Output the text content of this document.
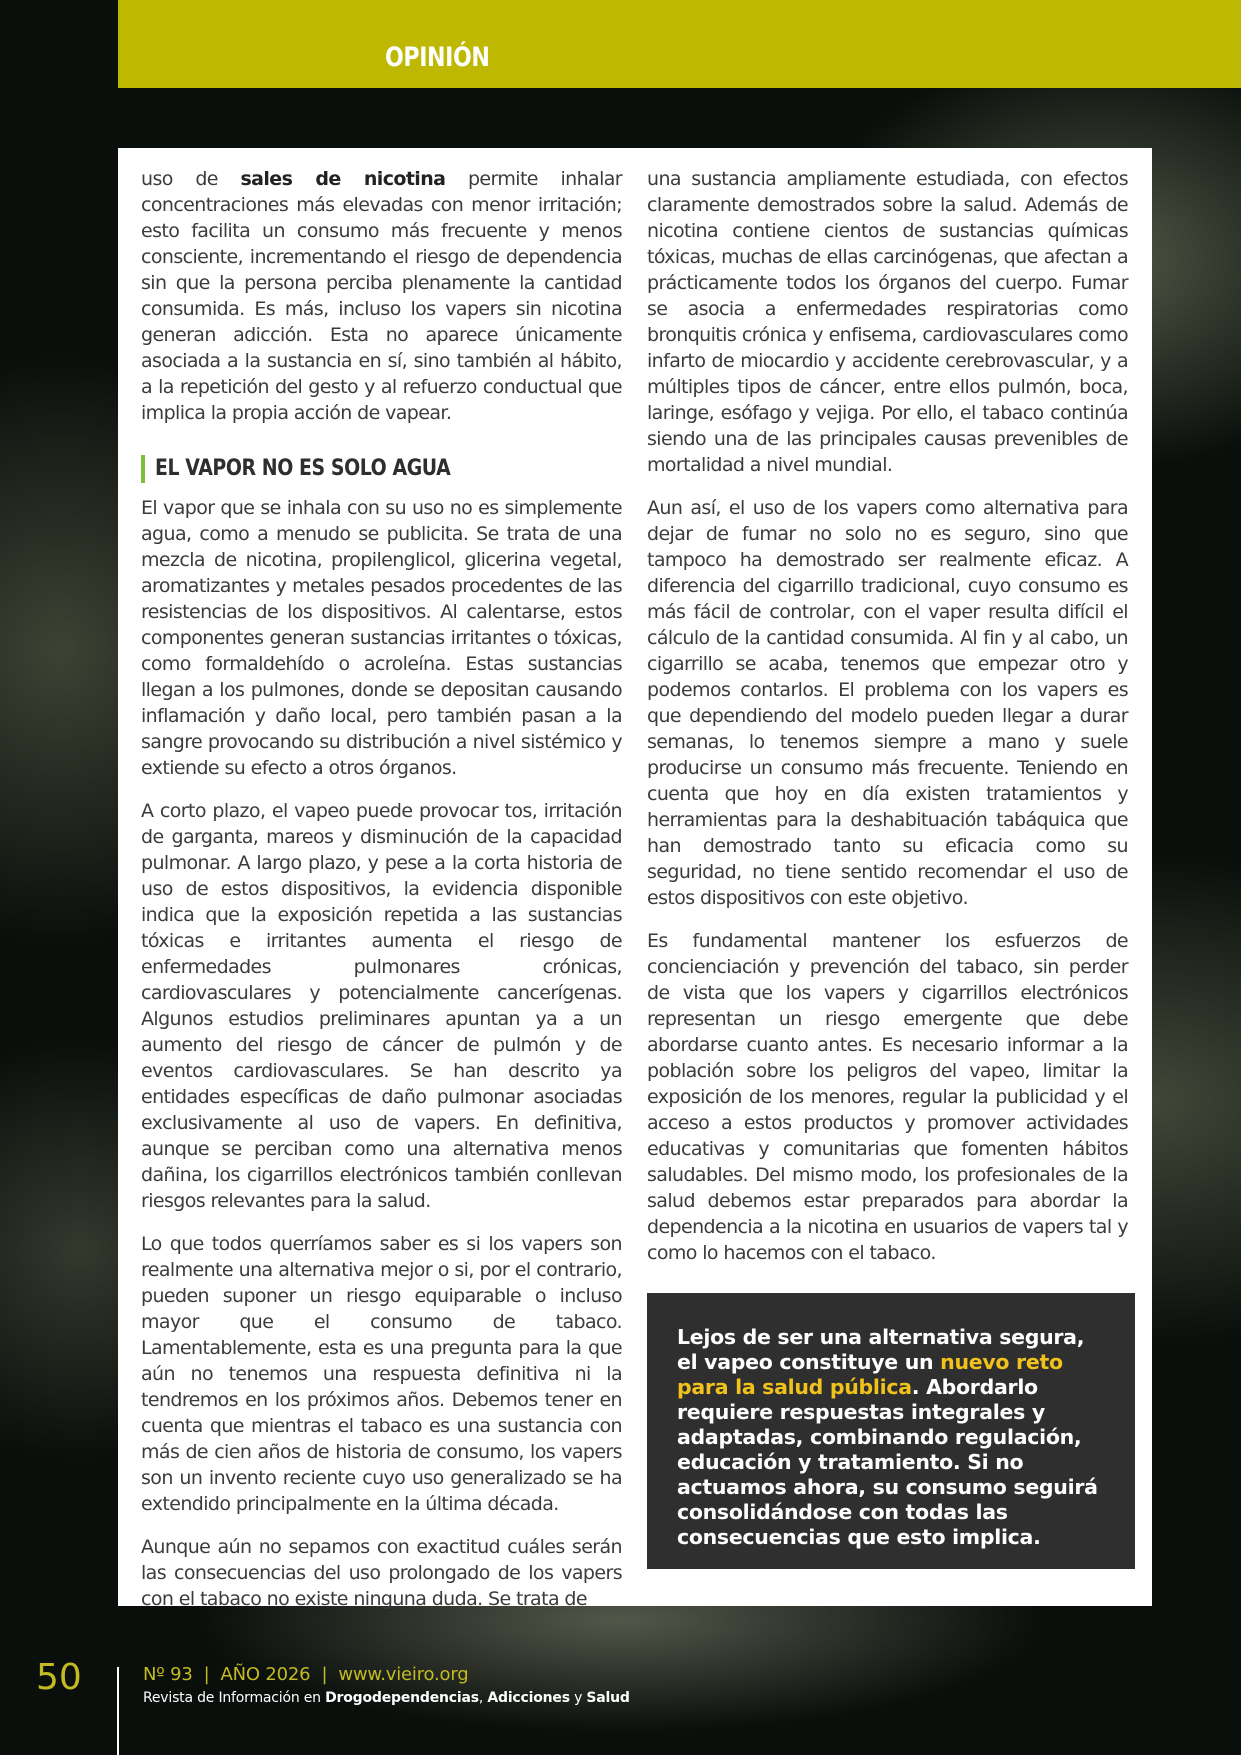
OPINIÓN

uso de sales de nicotina permite inhalar concentraciones más elevadas con menor irritación; esto facilita un consumo más frecuente y menos consciente, incrementando el riesgo de dependencia sin que la persona perciba plenamente la cantidad consumida. Es más, incluso los vapers sin nicotina generan adicción. Esta no aparece únicamente asociada a la sustancia en sí, sino también al hábito, a la repetición del gesto y al refuerzo conductual que implica la propia acción de vapear.

EL VAPOR NO ES SOLO AGUA

El vapor que se inhala con su uso no es simplemente agua, como a menudo se publicita. Se trata de una mezcla de nicotina, propilenglicol, glicerina vegetal, aromatizantes y metales pesados procedentes de las resistencias de los dispositivos. Al calentarse, estos componentes generan sustancias irritantes o tóxicas, como formaldehído o acroleína. Estas sustancias llegan a los pulmones, donde se depositan causando inflamación y daño local, pero también pasan a la sangre provocando su distribución a nivel sistémico y extiende su efecto a otros órganos.

A corto plazo, el vapeo puede provocar tos, irritación de garganta, mareos y disminución de la capacidad pulmonar. A largo plazo, y pese a la corta historia de uso de estos dispositivos, la evidencia disponible indica que la exposición repetida a las sustancias tóxicas e irritantes aumenta el riesgo de enfermedades pulmonares crónicas, cardiovasculares y potencialmente cancerígenas. Algunos estudios preliminares apuntan ya a un aumento del riesgo de cáncer de pulmón y de eventos cardiovasculares. Se han descrito ya entidades específicas de daño pulmonar asociadas exclusivamente al uso de vapers. En definitiva, aunque se perciban como una alternativa menos dañina, los cigarrillos electrónicos también conllevan riesgos relevantes para la salud.

Lo que todos querríamos saber es si los vapers son realmente una alternativa mejor o si, por el contrario, pueden suponer un riesgo equiparable o incluso mayor que el consumo de tabaco. Lamentablemente, esta es una pregunta para la que aún no tenemos una respuesta definitiva ni la tendremos en los próximos años. Debemos tener en cuenta que mientras el tabaco es una sustancia con más de cien años de historia de consumo, los vapers son un invento reciente cuyo uso generalizado se ha extendido principalmente en la última década.

Aunque aún no sepamos con exactitud cuáles serán las consecuencias del uso prolongado de los vapers con el tabaco no existe ninguna duda. Se trata de

una sustancia ampliamente estudiada, con efectos claramente demostrados sobre la salud. Además de nicotina contiene cientos de sustancias químicas tóxicas, muchas de ellas carcinógenas, que afectan a prácticamente todos los órganos del cuerpo. Fumar se asocia a enfermedades respiratorias como bronquitis crónica y enfisema, cardiovasculares como infarto de miocardio y accidente cerebrovascular, y a múltiples tipos de cáncer, entre ellos pulmón, boca, laringe, esófago y vejiga. Por ello, el tabaco continúa siendo una de las principales causas prevenibles de mortalidad a nivel mundial.

Aun así, el uso de los vapers como alternativa para dejar de fumar no solo no es seguro, sino que tampoco ha demostrado ser realmente eficaz. A diferencia del cigarrillo tradicional, cuyo consumo es más fácil de controlar, con el vaper resulta difícil el cálculo de la cantidad consumida. Al fin y al cabo, un cigarrillo se acaba, tenemos que empezar otro y podemos contarlos. El problema con los vapers es que dependiendo del modelo pueden llegar a durar semanas, lo tenemos siempre a mano y suele producirse un consumo más frecuente. Teniendo en cuenta que hoy en día existen tratamientos y herramientas para la deshabituación tabáquica que han demostrado tanto su eficacia como su seguridad, no tiene sentido recomendar el uso de estos dispositivos con este objetivo.

Es fundamental mantener los esfuerzos de concienciación y prevención del tabaco, sin perder de vista que los vapers y cigarrillos electrónicos representan un riesgo emergente que debe abordarse cuanto antes. Es necesario informar a la población sobre los peligros del vapeo, limitar la exposición de los menores, regular la publicidad y el acceso a estos productos y promover actividades educativas y comunitarias que fomenten hábitos saludables. Del mismo modo, los profesionales de la salud debemos estar preparados para abordar la dependencia a la nicotina en usuarios de vapers tal y como lo hacemos con el tabaco.

Lejos de ser una alternativa segura, el vapeo constituye un nuevo reto para la salud pública. Abordarlo requiere respuestas integrales y adaptadas, combinando regulación, educación y tratamiento. Si no actuamos ahora, su consumo seguirá consolidándose con todas las consecuencias que esto implica.
50	Nº 93  |  AÑO 2026  |  www.vieiro.org
Revista de Información en Drogodependencias, Adicciones y Salud
